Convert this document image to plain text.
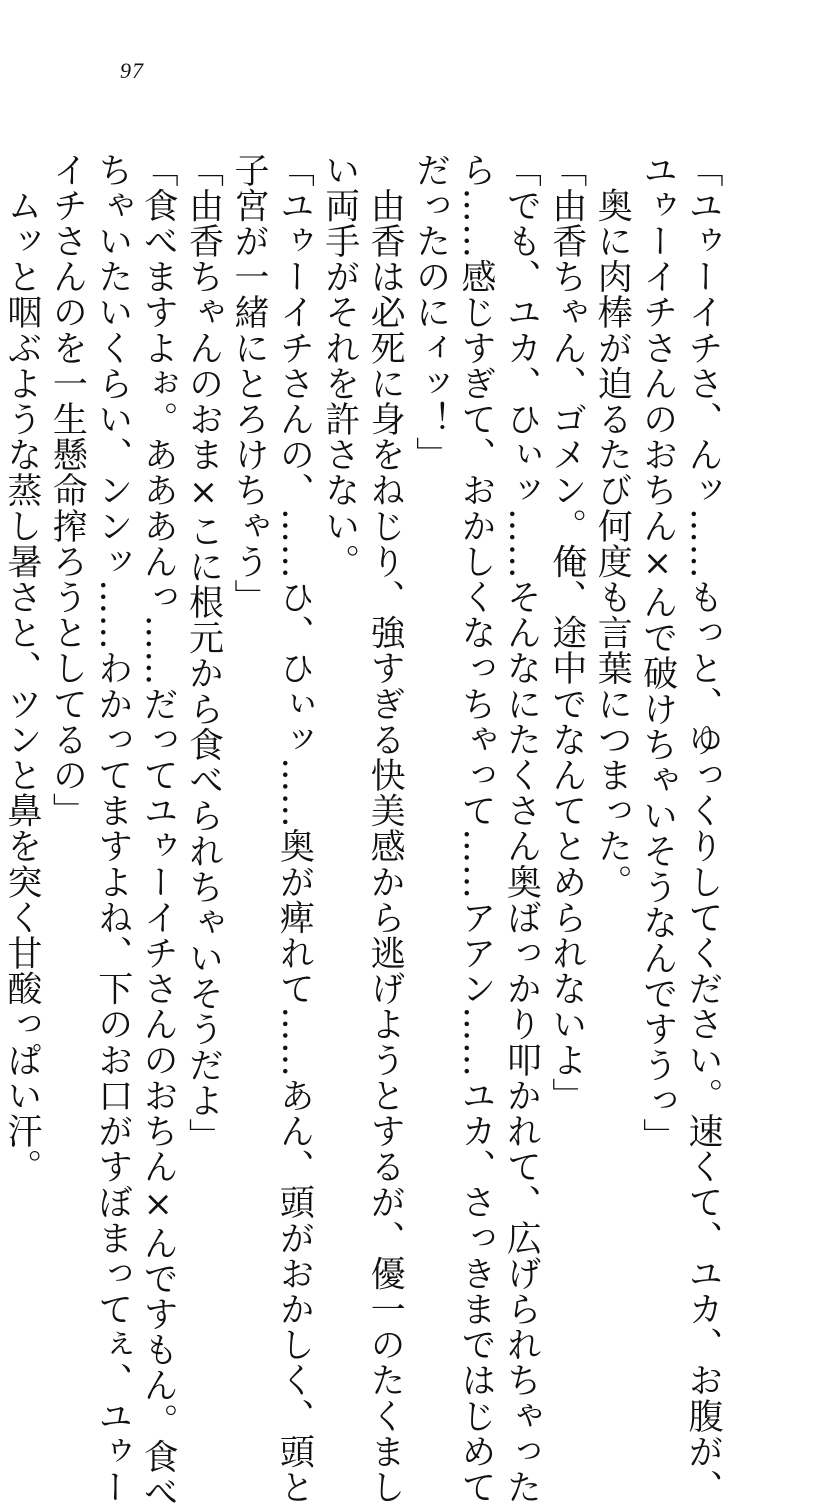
97

「ユゥーイチさ、んッ……もっと、ゆっくりしてください。速くて、ユカ、お腹が、

ユゥーイチさんのおちん×んで破けちゃいそうなんですうっ」

　奥に肉棒が迫るたび何度も言葉につまった。

「由香ちゃん、ゴメン。俺、途中でなんてとめられないよ」

「でも、ユカ、ひぃッ……そんなにたくさん奥ばっかり叩かれて、広げられちゃった

ら……感じすぎて、おかしくなっちゃって……アアン……ユカ、さっきまではじめて

だったのにィッ！」

　由香は必死に身をねじり、強すぎる快美感から逃げようとするが、優一のたくまし

い両手がそれを許さない。

「ユゥーイチさんの、……ひ、ひぃッ……奥が痺れて……あん、頭がおかしく、頭と

子宮が一緒にとろけちゃう」

「由香ちゃんのおま×こに根元から食べられちゃいそうだよ」

「食べますよぉ。あああんっ……だってユゥーイチさんのおちん×んですもん。食べ

ちゃいたいくらい、ンンッ……わかってますよね、下のお口がすぼまってぇ、ユゥー

イチさんのを一生懸命搾ろうとしてるの」

　ムッと咽ぶような蒸し暑さと、ツンと鼻を突く甘酸っぱい汗。
